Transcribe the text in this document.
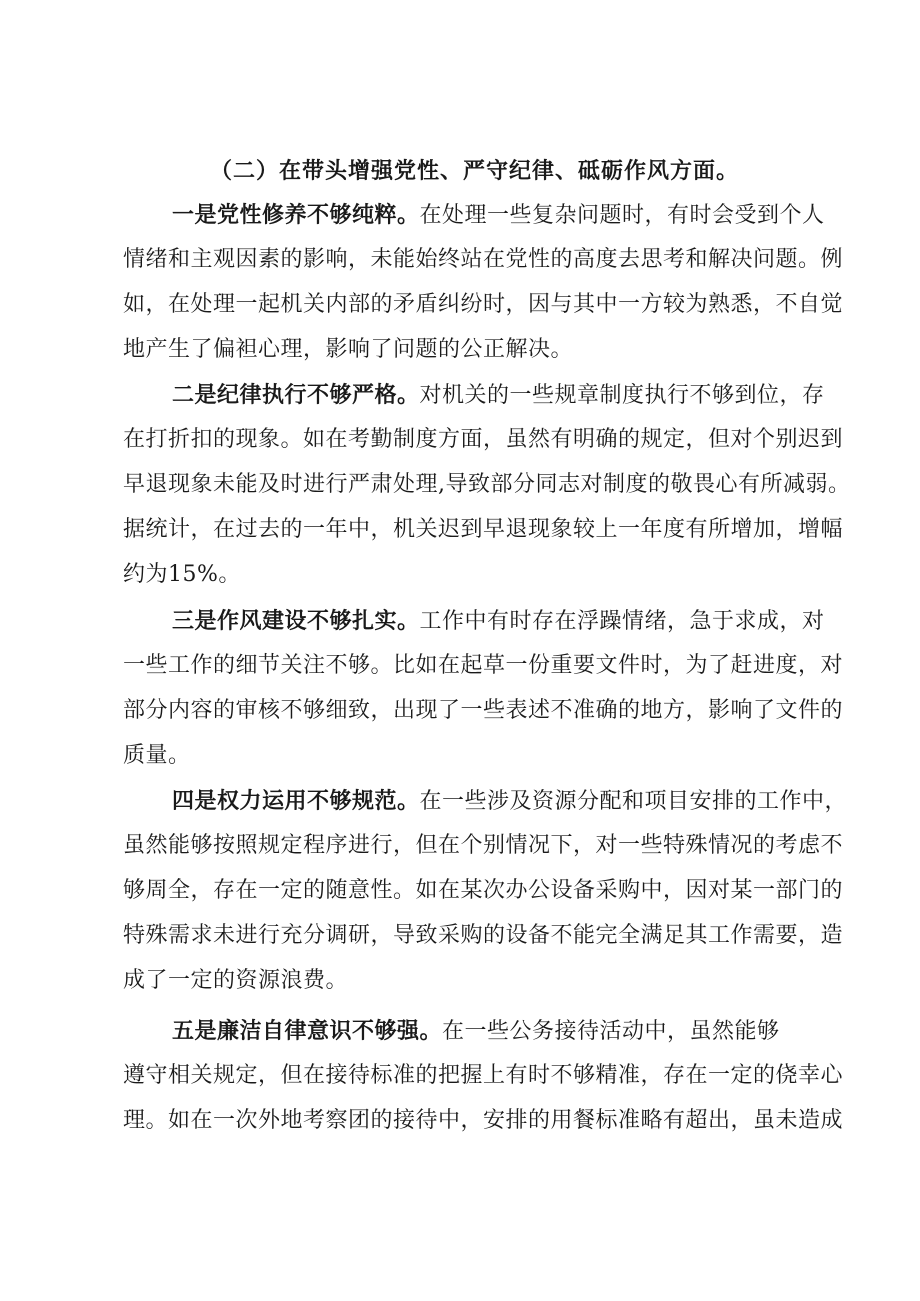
（二）在带头增强党性、严守纪律、砥砺作风方面。
一是党性修养不够纯粹。在处理一些复杂问题时，有时会受到个人
情绪和主观因素的影响，未能始终站在党性的高度去思考和解决问题。例
如，在处理一起机关内部的矛盾纠纷时，因与其中一方较为熟悉，不自觉
地产生了偏袒心理，影响了问题的公正解决。
二是纪律执行不够严格。对机关的一些规章制度执行不够到位，存
在打折扣的现象。如在考勤制度方面，虽然有明确的规定，但对个别迟到
早退现象未能及时进行严肃处理,导致部分同志对制度的敬畏心有所减弱。
据统计，在过去的一年中，机关迟到早退现象较上一年度有所增加，增幅
约为15%。
三是作风建设不够扎实。工作中有时存在浮躁情绪，急于求成，对
一些工作的细节关注不够。比如在起草一份重要文件时，为了赶进度，对
部分内容的审核不够细致，出现了一些表述不准确的地方，影响了文件的
质量。
四是权力运用不够规范。在一些涉及资源分配和项目安排的工作中，
虽然能够按照规定程序进行，但在个别情况下，对一些特殊情况的考虑不
够周全，存在一定的随意性。如在某次办公设备采购中，因对某一部门的
特殊需求未进行充分调研，导致采购的设备不能完全满足其工作需要，造
成了一定的资源浪费。
五是廉洁自律意识不够强。在一些公务接待活动中，虽然能够
遵守相关规定，但在接待标准的把握上有时不够精准，存在一定的侥幸心
理。如在一次外地考察团的接待中，安排的用餐标准略有超出，虽未造成
